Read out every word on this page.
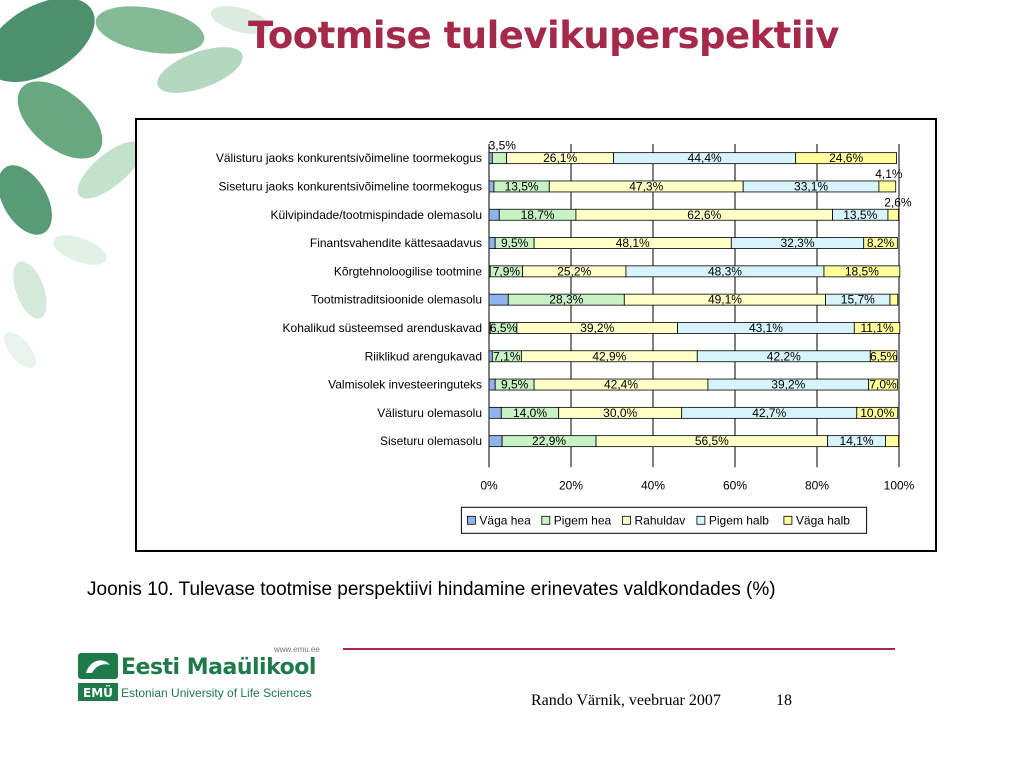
Tootmise tulevikuperspektiiv
0%	20%	40%	60%	80%	100%
Välisturu jaoks konkurentsivõimeline toormekogus
3,5%
26,1%	44,4%	24,6%
Siseturu jaoks konkurentsivõimeline toormekogus 13,5%	47,3%	33,1%
4,1%
Külvipindade/tootmispindade olemasolu	18,7%	62,6%	13,5%
2,6%
Finantsvahendite kättesaadavus 9,5%	48,1%	32,3%	8,2%
Kõrgtehnoloogilise tootmine 7,9%	25,2%	48,3%	18,5%
Tootmistraditsioonide olemasolu	28,3%	49,1%	15,7%
Kohalikud süsteemsed arenduskavad 6,5%	39,2%	43,1%	11,1%
Riiklikud arengukavad 7,1%	42,9%	42,2%	6,5%
Valmisolek investeeringuteks 9,5%	42,4%	39,2%	7,0%
Välisturu olemasolu	14,0%	30,0%	42,7%	10,0%
Siseturu olemasolu	22,9%	56,5%	14,1%
Väga hea Pigem hea Rahuldav Pigem halb Väga halb

Joonis 10. Tulevase tootmise perspektiivi hindamine erinevates valdkondades (%)

www.emu.ee
EMÜ

Eesti Maaülikool

Estonian University of Life Sciences	Rando Värnik, veebruar 2007	18
